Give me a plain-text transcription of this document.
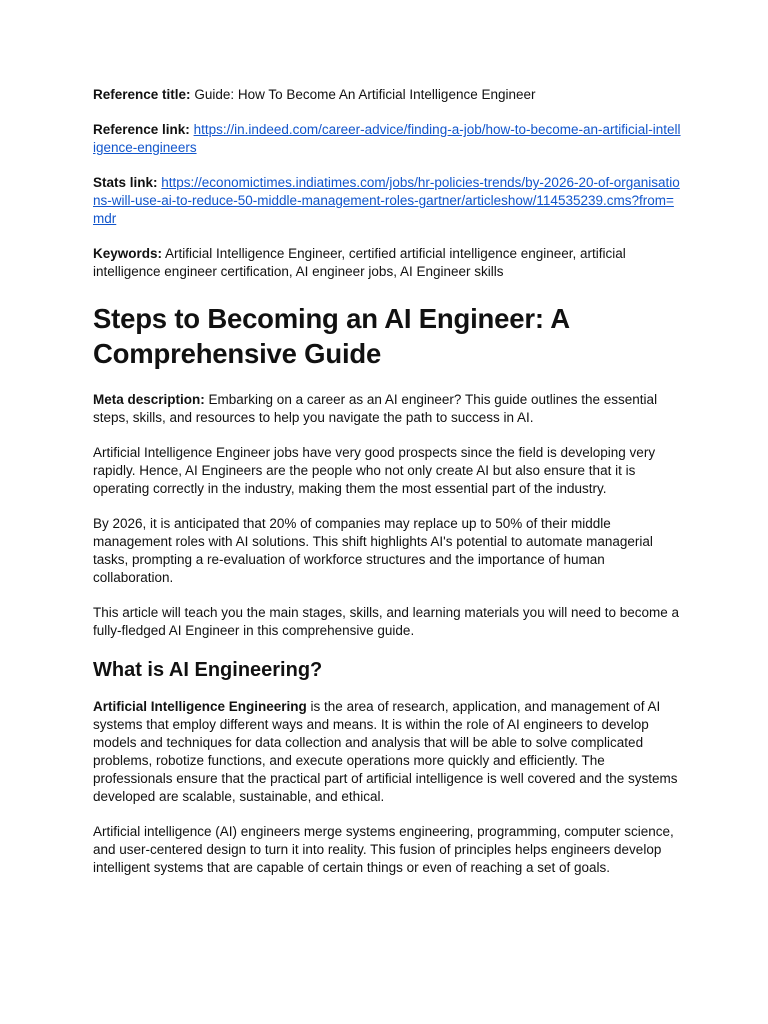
Reference title: Guide: How To Become An Artificial Intelligence Engineer

Reference link: https://in.indeed.com/career-advice/finding-a-job/how-to-become-an-artificial-intelligence-engineers

Stats link: https://economictimes.indiatimes.com/jobs/hr-policies-trends/by-2026-20-of-organisations-will-use-ai-to-reduce-50-middle-management-roles-gartner/articleshow/114535239.cms?from=mdr

Keywords: Artificial Intelligence Engineer, certified artificial intelligence engineer, artificial intelligence engineer certification, AI engineer jobs, AI Engineer skills

Steps to Becoming an AI Engineer: A Comprehensive Guide

Meta description: Embarking on a career as an AI engineer? This guide outlines the essential steps, skills, and resources to help you navigate the path to success in AI.

Artificial Intelligence Engineer jobs have very good prospects since the field is developing very rapidly. Hence, AI Engineers are the people who not only create AI but also ensure that it is operating correctly in the industry, making them the most essential part of the industry.

By 2026, it is anticipated that 20% of companies may replace up to 50% of their middle management roles with AI solutions. This shift highlights AI's potential to automate managerial tasks, prompting a re-evaluation of workforce structures and the importance of human collaboration.

This article will teach you the main stages, skills, and learning materials you will need to become a fully-fledged AI Engineer in this comprehensive guide.

What is AI Engineering?

Artificial Intelligence Engineering is the area of research, application, and management of AI systems that employ different ways and means. It is within the role of AI engineers to develop models and techniques for data collection and analysis that will be able to solve complicated problems, robotize functions, and execute operations more quickly and efficiently. The professionals ensure that the practical part of artificial intelligence is well covered and the systems developed are scalable, sustainable, and ethical.

Artificial intelligence (AI) engineers merge systems engineering, programming, computer science, and user-centered design to turn it into reality. This fusion of principles helps engineers develop intelligent systems that are capable of certain things or even of reaching a set of goals.
